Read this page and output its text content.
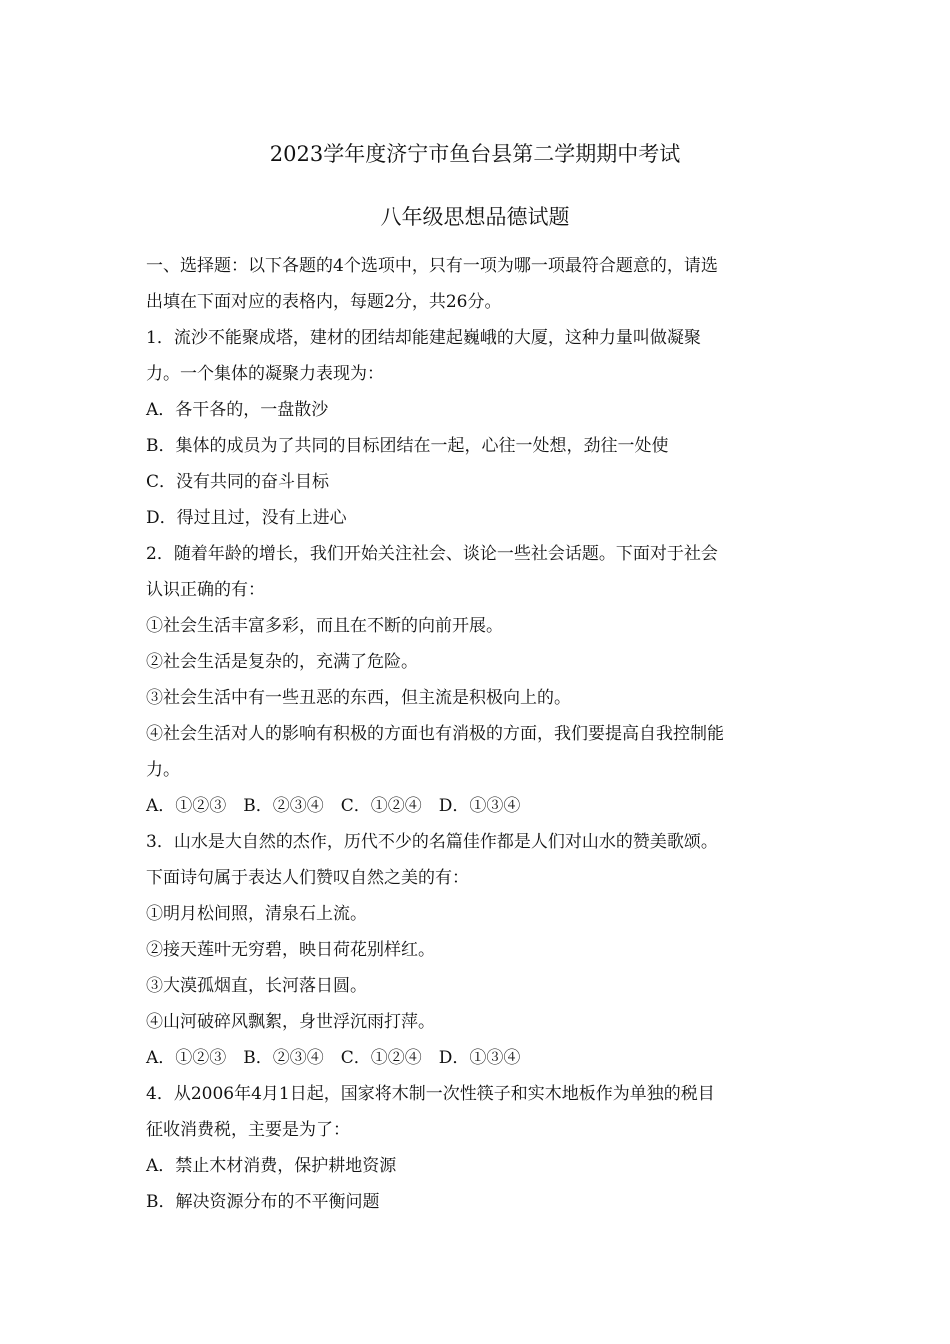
2023学年度济宁市鱼台县第二学期期中考试
八年级思想品德试题
一、选择题：以下各题的4个选项中，只有一项为哪一项最符合题意的，请选
出填在下面对应的表格内，每题2分，共26分。
1．流沙不能聚成塔，建材的团结却能建起巍峨的大厦，这种力量叫做凝聚
力。一个集体的凝聚力表现为：
A．各干各的，一盘散沙
B．集体的成员为了共同的目标团结在一起，心往一处想，劲往一处使
C．没有共同的奋斗目标
D．得过且过，没有上进心
2．随着年龄的增长，我们开始关注社会、谈论一些社会话题。下面对于社会
认识正确的有：
①社会生活丰富多彩，而且在不断的向前开展。
②社会生活是复杂的，充满了危险。
③社会生活中有一些丑恶的东西，但主流是积极向上的。
④社会生活对人的影响有积极的方面也有消极的方面，我们要提高自我控制能
力。
A．①②③　B．②③④　C．①②④　D．①③④
3．山水是大自然的杰作，历代不少的名篇佳作都是人们对山水的赞美歌颂。
下面诗句属于表达人们赞叹自然之美的有：
①明月松间照，清泉石上流。
②接天莲叶无穷碧，映日荷花别样红。
③大漠孤烟直，长河落日圆。
④山河破碎风飘絮，身世浮沉雨打萍。
A．①②③　B．②③④　C．①②④　D．①③④
4．从2006年4月1日起，国家将木制一次性筷子和实木地板作为单独的税目
征收消费税，主要是为了：
A．禁止木材消费，保护耕地资源
B．解决资源分布的不平衡问题
